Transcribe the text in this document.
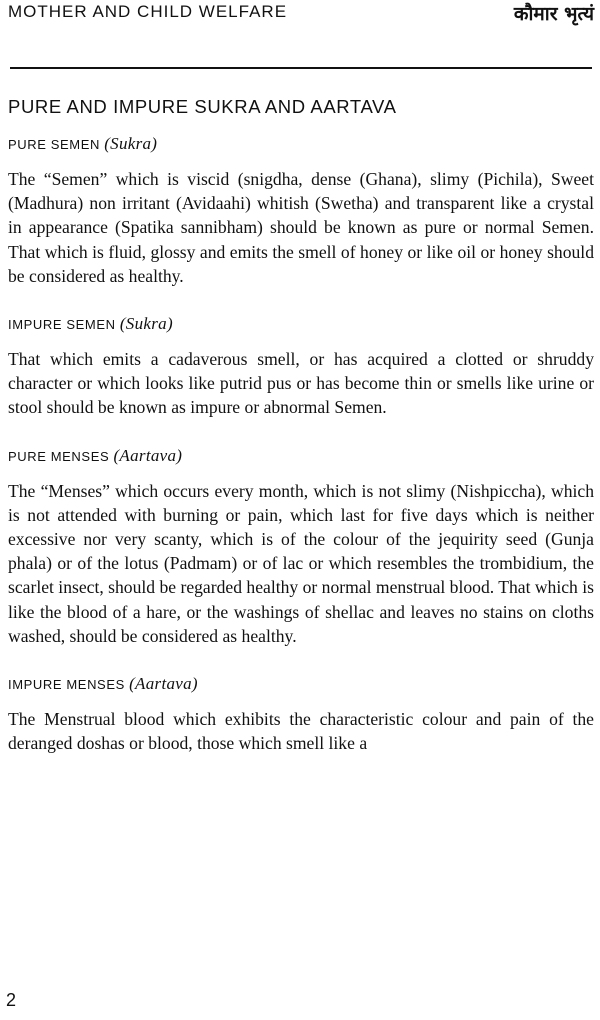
MOTHER AND CHILD WELFARE	कौमार भृत्यं
PURE AND IMPURE SUKRA AND AARTAVA
PURE SEMEN (Sukra)

The “Semen” which is viscid (snigdha, dense (Ghana), slimy (Pichila), Sweet (Madhura) non irritant (Avidaahi) whitish (Swetha) and transparent like a crystal in appearance (Spatika sannibham) should be known as pure or normal Semen. That which is fluid, glossy and emits the smell of honey or like oil or honey should be considered as healthy.

IMPURE SEMEN (Sukra)

That which emits a cadaverous smell, or has acquired a clotted or shruddy character or which looks like putrid pus or has become thin or smells like urine or stool should be known as impure or abnormal Semen.

PURE MENSES (Aartava)

The “Menses” which occurs every month, which is not slimy (Nishpiccha), which is not attended with burning or pain, which last for five days which is neither excessive nor very scanty, which is of the colour of the jequirity seed (Gunja phala) or of the lotus (Padmam) or of lac or which resembles the trombidium, the scarlet insect, should be regarded healthy or normal menstrual blood. That which is like the blood of a hare, or the washings of shellac and leaves no stains on cloths washed, should be considered as healthy.

IMPURE MENSES (Aartava)

The Menstrual blood which exhibits the characteristic colour and pain of the deranged doshas or blood, those which smell like a

2
